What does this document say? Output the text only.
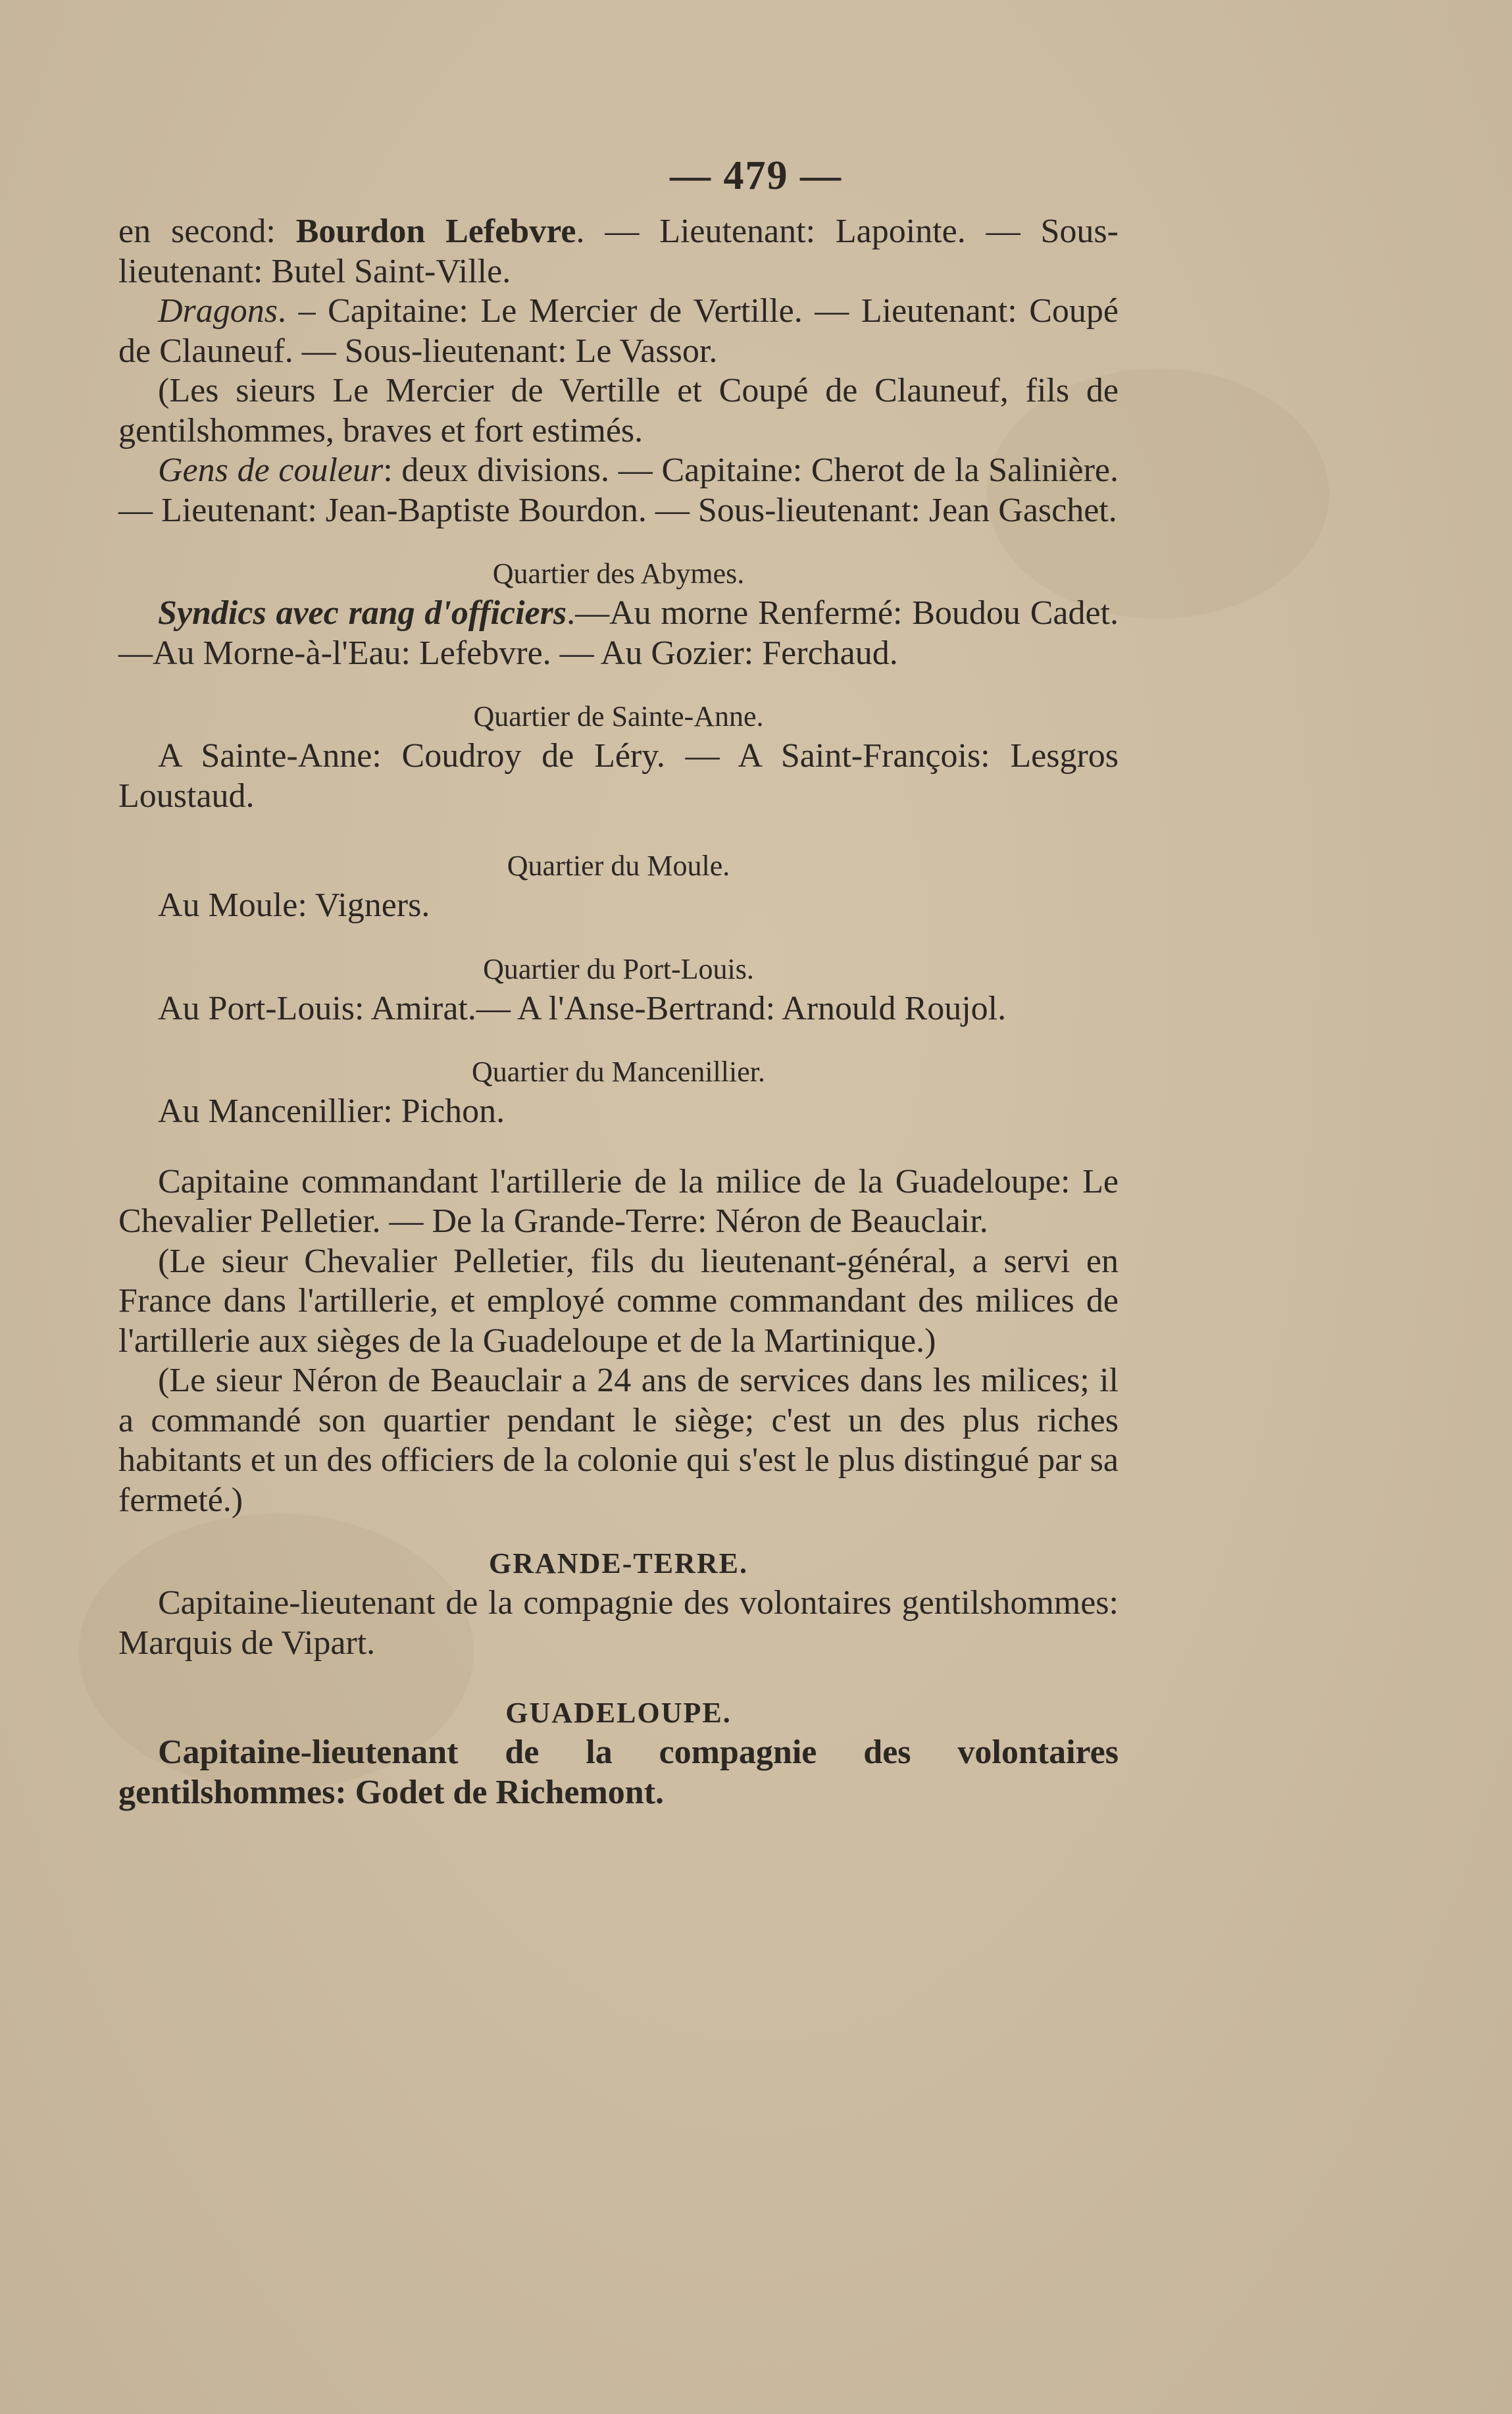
— 479 —

en second: Bourdon Lefebvre. — Lieutenant: Lapointe. — Sous-lieutenant: Butel Saint-Ville.

Dragons. – Capitaine: Le Mercier de Vertille. — Lieutenant: Coupé de Clauneuf. — Sous-lieutenant: Le Vassor.

(Les sieurs Le Mercier de Vertille et Coupé de Clauneuf, fils de gentilshommes, braves et fort estimés.

Gens de couleur: deux divisions. — Capitaine: Cherot de la Salinière. — Lieutenant: Jean-Baptiste Bourdon. — Sous-lieutenant: Jean Gaschet.

Quartier des Abymes.

Syndics avec rang d'officiers.—Au morne Renfermé: Boudou Cadet. —Au Morne-à-l'Eau: Lefebvre. — Au Gozier: Ferchaud.

Quartier de Sainte-Anne.

A Sainte-Anne: Coudroy de Léry. — A Saint-François: Lesgros Loustaud.

Quartier du Moule.

Au Moule: Vigners.

Quartier du Port-Louis.

Au Port-Louis: Amirat.— A l'Anse-Bertrand: Arnould Roujol.

Quartier du Mancenillier.

Au Mancenillier: Pichon.

Capitaine commandant l'artillerie de la milice de la Guadeloupe: Le Chevalier Pelletier. — De la Grande-Terre: Néron de Beauclair.

(Le sieur Chevalier Pelletier, fils du lieutenant-général, a servi en France dans l'artillerie, et employé comme commandant des milices de l'artillerie aux sièges de la Guadeloupe et de la Martinique.)

(Le sieur Néron de Beauclair a 24 ans de services dans les milices; il a commandé son quartier pendant le siège; c'est un des plus riches habitants et un des officiers de la colonie qui s'est le plus distingué par sa fermeté.)

GRANDE-TERRE.

Capitaine-lieutenant de la compagnie des volontaires gentilshommes: Marquis de Vipart.

GUADELOUPE.

Capitaine-lieutenant de la compagnie des volontaires gentilshommes: Godet de Richemont.
